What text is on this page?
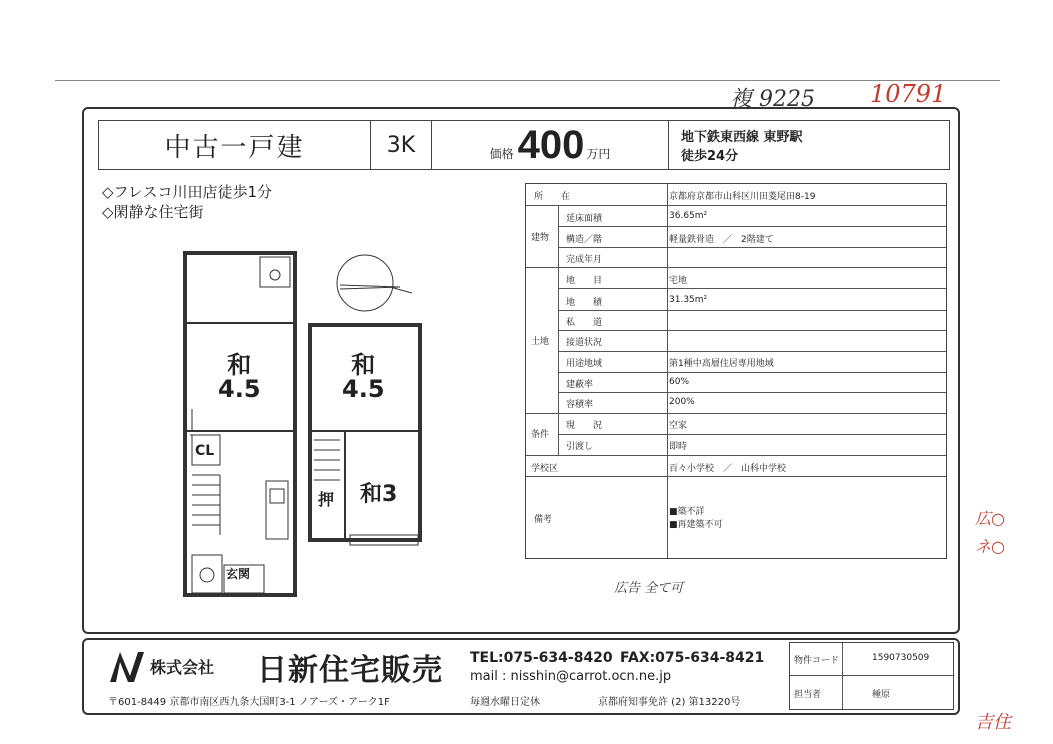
複 9225 10791
広○
ネ○
吉住
広告 全て可
中古一戸建	3K	価格 400 万円
地下鉄東西線 東野駅
徒歩24分
◇フレスコ川田店徒歩1分
◇閑静な住宅街
和
4.5
和
4.5
和3
CL
押
玄関
所　　在	京都府京都市山科区川田菱尾田8-19
建物
延床面積	36.65m²
構造／階	軽量鉄骨造　／　2階建て
完成年月
土地
地　　目	宅地
地　　積	31.35m²
私　　道
接道状況
用途地域	第1種中高層住居専用地域
建蔽率	60%
容積率	200%
条件
現　　況	空家
引渡し	即時
学校区	百々小学校　／　山科中学校
備考
■築不詳
■再建築不可
株式会社 日新住宅販売 TEL:075-634-8420 FAX:075-634-8421
mail : nisshin@carrot.ocn.ne.jp
〒601-8449 京都市南区西九条大国町3-1 ノアーズ・アーク1F	毎週水曜日定休	京都府知事免許 (2) 第13220号
物件コード	1590730509
担当者	種原
